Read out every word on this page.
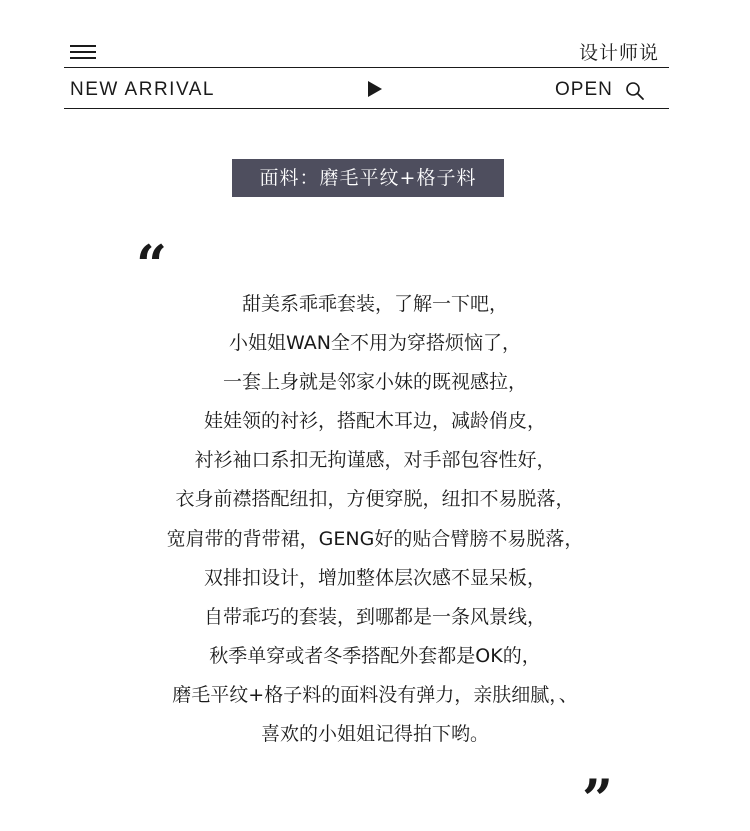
设计师说
NEW ARRIVAL	OPEN
面料：磨毛平纹+格子料
“
甜美系乖乖套装，了解一下吧，
小姐姐WAN全不用为穿搭烦恼了，
一套上身就是邻家小妹的既视感拉，
娃娃领的衬衫，搭配木耳边，减龄俏皮，
衬衫袖口系扣无拘谨感，对手部包容性好，
衣身前襟搭配纽扣，方便穿脱，纽扣不易脱落，
宽肩带的背带裙，GENG好的贴合臂膀不易脱落，
双排扣设计，增加整体层次感不显呆板，
自带乖巧的套装，到哪都是一条风景线，
秋季单穿或者冬季搭配外套都是OK的，
磨毛平纹+格子料的面料没有弹力，亲肤细腻，、
喜欢的小姐姐记得拍下哟。
”
